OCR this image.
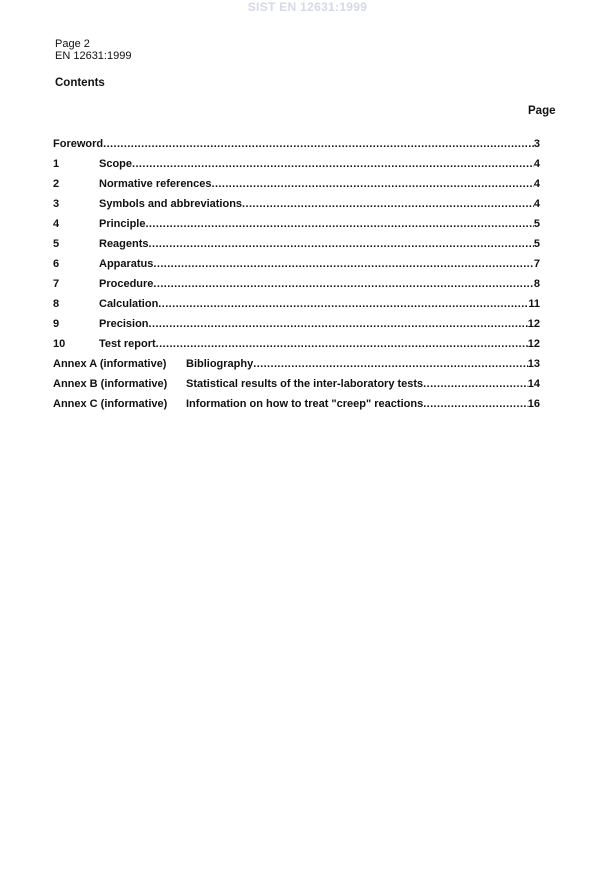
SIST EN 12631:1999
Page 2
EN 12631:1999
Contents
Page
Foreword .....	3
1	Scope .....	4
2	Normative references .....	4
3	Symbols and abbreviations .....	4
4	Principle .....	5
5	Reagents .....	5
6	Apparatus .....	7
7	Procedure .....	8
8	Calculation .....	11
9	Precision .....	12
10	Test report .....	12
Annex A (informative)	Bibliography .....	13
Annex B (informative)	Statistical results of the inter-laboratory tests .....	14
Annex C (informative)	Information on how to treat "creep" reactions .....	16
